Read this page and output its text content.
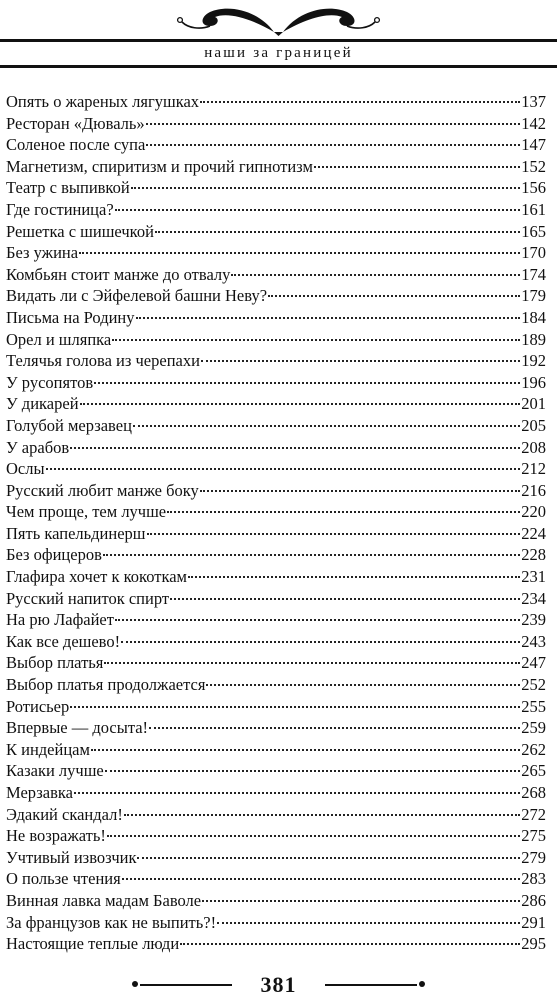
наши за границей
Опять о жареных лягушках	137
Ресторан «Дюваль»	142
Соленое после супа	147
Магнетизм, спиритизм и прочий гипнотизм	152
Театр с выпивкой	156
Где гостиница?	161
Решетка с шишечкой	165
Без ужина	170
Комбьян стоит манже до отвалу	174
Видать ли с Эйфелевой башни Неву?	179
Письма на Родину	184
Орел и шляпка	189
Телячья голова из черепахи	192
У русопятов	196
У дикарей	201
Голубой мерзавец	205
У арабов	208
Ослы	212
Русский любит манже боку	216
Чем проще, тем лучше	220
Пять капельдинерш	224
Без офицеров	228
Глафира хочет к кокоткам	231
Русский напиток спирт	234
На рю Лафайет	239
Как все дешево!	243
Выбор платья	247
Выбор платья продолжается	252
Ротисьер	255
Впервые — досыта!	259
К индейцам	262
Казаки лучше	265
Мерзавка	268
Эдакий скандал!	272
Не возражать!	275
Учтивый извозчик	279
О пользе чтения	283
Винная лавка мадам Баволе	286
За французов как не выпить?!	291
Настоящие теплые люди	295
381
